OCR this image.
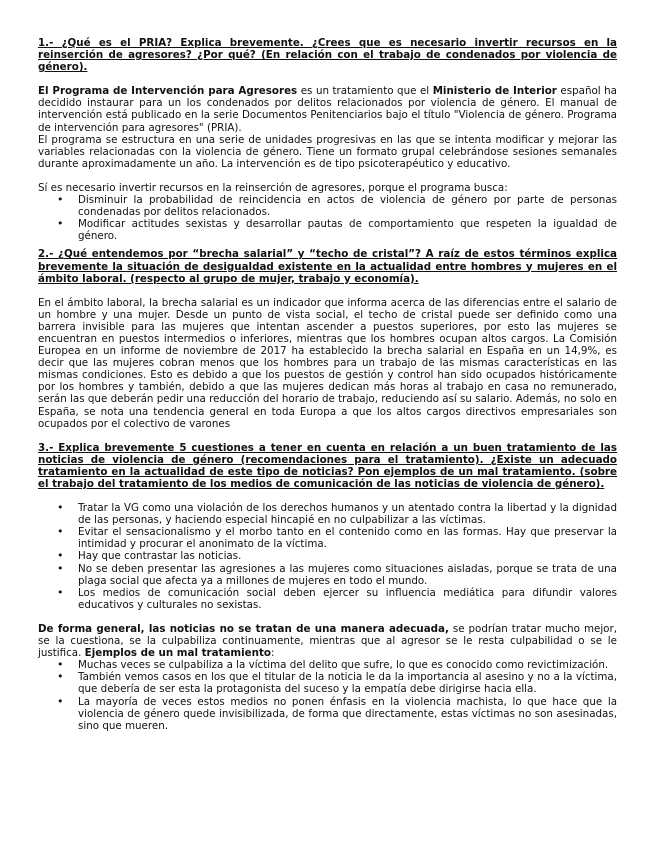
1.- ¿Qué es el PRIA? Explica brevemente. ¿Crees que es necesario invertir recursos en la reinserción de agresores? ¿Por qué? (En relación con el trabajo de condenados por violencia de género).

El Programa de Intervención para Agresores es un tratamiento que el Ministerio de Interior español ha decidido instaurar para un los condenados por delitos relacionados por violencia de género. El manual de intervención está publicado en la serie Documentos Penitenciarios bajo el título "Violencia de género. Programa de intervención para agresores" (PRIA).

El programa se estructura en una serie de unidades progresivas en las que se intenta modificar y mejorar las variables relacionadas con la violencia de género. Tiene un formato grupal celebrándose sesiones semanales durante aproximadamente un año. La intervención es de tipo psicoterapéutico y educativo.

Sí es necesario invertir recursos en la reinserción de agresores, porque el programa busca:

• Disminuir la probabilidad de reincidencia en actos de violencia de género por parte de personas condenadas por delitos relacionados.
• Modificar actitudes sexistas y desarrollar pautas de comportamiento que respeten la igualdad de género.

2.- ¿Qué entendemos por “brecha salarial” y “techo de cristal”? A raíz de estos términos explica brevemente la situación de desigualdad existente en la actualidad entre hombres y mujeres en el ámbito laboral. (respecto al grupo de mujer, trabajo y economía).

En el ámbito laboral, la brecha salarial es un indicador que informa acerca de las diferencias entre el salario de un hombre y una mujer. Desde un punto de vista social, el techo de cristal puede ser definido como una barrera invisible para las mujeres que intentan ascender a puestos superiores, por esto las mujeres se encuentran en puestos intermedios o inferiores, mientras que los hombres ocupan altos cargos. La Comisión Europea en un informe de noviembre de 2017 ha establecido la brecha salarial en España en un 14,9%, es decir que las mujeres cobran menos que los hombres para un trabajo de las mismas características en las mismas condiciones. Esto es debido a que los puestos de gestión y control han sido ocupados históricamente por los hombres y también, debido a que las mujeres dedican más horas al trabajo en casa no remunerado, serán las que deberán pedir una reducción del horario de trabajo, reduciendo así su salario. Además, no solo en España, se nota una tendencia general en toda Europa a que los altos cargos directivos empresariales son ocupados por el colectivo de varones

3.- Explica brevemente 5 cuestiones a tener en cuenta en relación a un buen tratamiento de las noticias de violencia de género (recomendaciones para el tratamiento). ¿Existe un adecuado tratamiento en la actualidad de este tipo de noticias? Pon ejemplos de un mal tratamiento. (sobre el trabajo del tratamiento de los medios de comunicación de las noticias de violencia de género).

• Tratar la VG como una violación de los derechos humanos y un atentado contra la libertad y la dignidad de las personas, y haciendo especial hincapié en no culpabilizar a las víctimas.
• Evitar el sensacionalismo y el morbo tanto en el contenido como en las formas. Hay que preservar la intimidad y procurar el anonimato de la víctima.
• Hay que contrastar las noticias.
• No se deben presentar las agresiones a las mujeres como situaciones aisladas, porque se trata de una plaga social que afecta ya a millones de mujeres en todo el mundo.
• Los medios de comunicación social deben ejercer su influencia mediática para difundir valores educativos y culturales no sexistas.

De forma general, las noticias no se tratan de una manera adecuada, se podrían tratar mucho mejor, se la cuestiona, se la culpabiliza continuamente, mientras que al agresor se le resta culpabilidad o se le justifica. Ejemplos de un mal tratamiento:

• Muchas veces se culpabiliza a la víctima del delito que sufre, lo que es conocido como revictimización.
• También vemos casos en los que el titular de la noticia le da la importancia al asesino y no a la víctima, que debería de ser esta la protagonista del suceso y la empatía debe dirigirse hacia ella.
• La mayoría de veces estos medios no ponen énfasis en la violencia machista, lo que hace que la violencia de género quede invisibilizada, de forma que directamente, estas víctimas no son asesinadas, sino que mueren.
